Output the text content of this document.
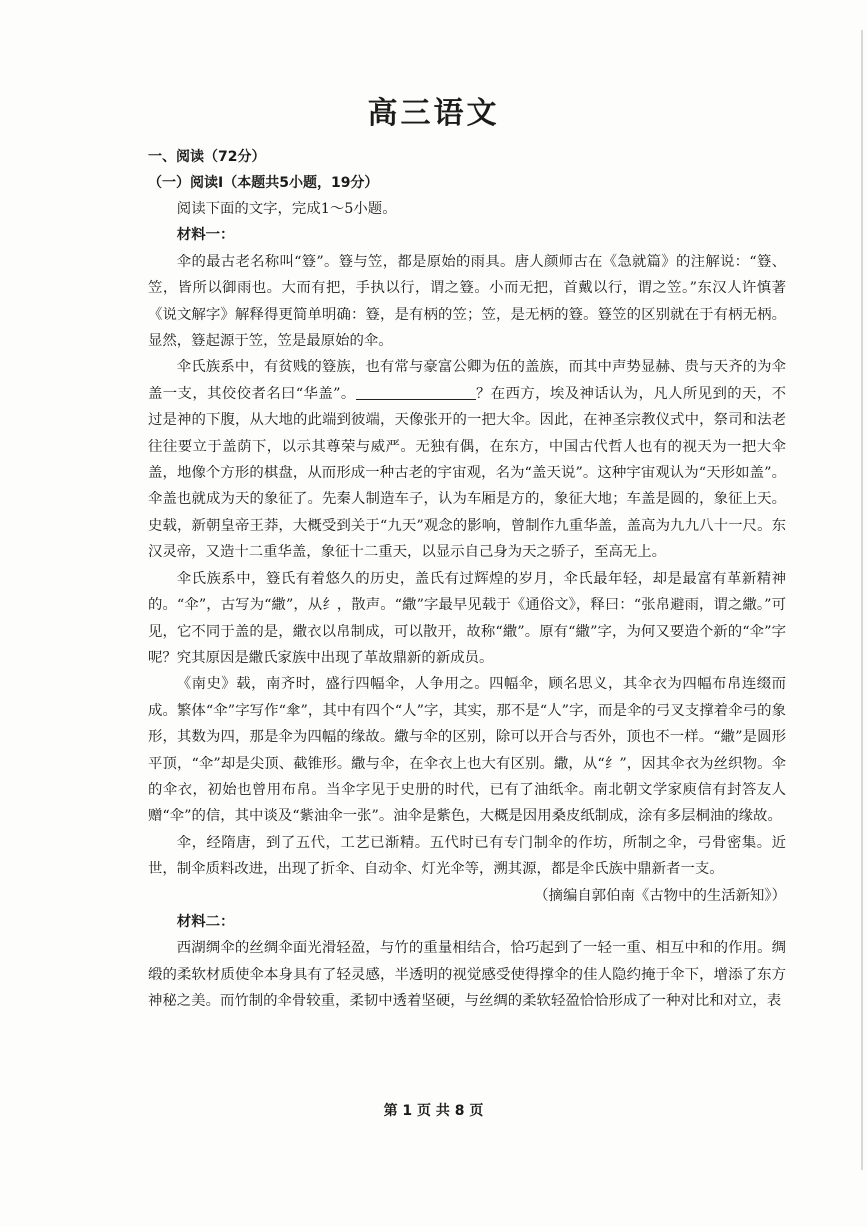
高三语文
一、阅读（72分）
（一）阅读Ⅰ（本题共5小题，19分）

阅读下面的文字，完成1～5小题。

材料一：

伞的最古老名称叫“簦”。簦与笠，都是原始的雨具。唐人颜师古在《急就篇》的注解说：“簦、笠，皆所以御雨也。大而有把，手执以行，谓之簦。小而无把，首戴以行，谓之笠。”东汉人许慎著《说文解字》解释得更简单明确：簦，是有柄的笠；笠，是无柄的簦。簦笠的区别就在于有柄无柄。显然，簦起源于笠，笠是最原始的伞。

伞氏族系中，有贫贱的簦族，也有常与豪富公卿为伍的盖族，而其中声势显赫、贵与天齐的为伞盖一支，其佼佼者名曰“华盖”。	？在西方，埃及神话认为，凡人所见到的天，不过是神的下腹，从大地的此端到彼端，天像张开的一把大伞。因此，在神圣宗教仪式中，祭司和法老往往要立于盖荫下，以示其尊荣与威严。无独有偶，在东方，中国古代哲人也有的视天为一把大伞盖，地像个方形的棋盘，从而形成一种古老的宇宙观，名为“盖天说”。这种宇宙观认为“天形如盖”。伞盖也就成为天的象征了。先秦人制造车子，认为车厢是方的，象征大地；车盖是圆的，象征上天。史载，新朝皇帝王莽，大概受到关于“九天”观念的影响，曾制作九重华盖，盖高为九九八十一尺。东汉灵帝，又造十二重华盖，象征十二重天，以显示自己身为天之骄子，至高无上。

伞氏族系中，簦氏有着悠久的历史，盖氏有过辉煌的岁月，伞氏最年轻，却是最富有革新精神的。“伞”，古写为“繖”，从纟，散声。“繖”字最早见载于《通俗文》，释曰：“张帛避雨，谓之繖。”可见，它不同于盖的是，繖衣以帛制成，可以散开，故称“繖”。原有“繖”字，为何又要造个新的“伞”字呢？究其原因是繖氏家族中出现了革故鼎新的新成员。

《南史》载，南齐时，盛行四幅伞，人争用之。四幅伞，顾名思义，其伞衣为四幅布帛连缀而成。繁体“伞”字写作“傘”，其中有四个“人”字，其实，那不是“人”字，而是伞的弓叉支撑着伞弓的象形，其数为四，那是伞为四幅的缘故。繖与伞的区别，除可以开合与否外，顶也不一样。“繖”是圆形平顶，“伞”却是尖顶、截锥形。繖与伞，在伞衣上也大有区别。繖，从“纟”，因其伞衣为丝织物。伞的伞衣，初始也曾用布帛。当伞字见于史册的时代，已有了油纸伞。南北朝文学家庾信有封答友人赠“伞”的信，其中谈及“紫油伞一张”。油伞是紫色，大概是因用桑皮纸制成，涂有多层桐油的缘故。

伞，经隋唐，到了五代，工艺已渐精。五代时已有专门制伞的作坊，所制之伞，弓骨密集。近世，制伞质料改进，出现了折伞、自动伞、灯光伞等，溯其源，都是伞氏族中鼎新者一支。

（摘编自郭伯南《古物中的生活新知》）

材料二：

西湖绸伞的丝绸伞面光滑轻盈，与竹的重量相结合，恰巧起到了一轻一重、相互中和的作用。绸缎的柔软材质使伞本身具有了轻灵感，半透明的视觉感受使得撑伞的佳人隐约掩于伞下，增添了东方神秘之美。而竹制的伞骨较重，柔韧中透着坚硬，与丝绸的柔软轻盈恰恰形成了一种对比和对立，表

第 1 页 共 8 页
